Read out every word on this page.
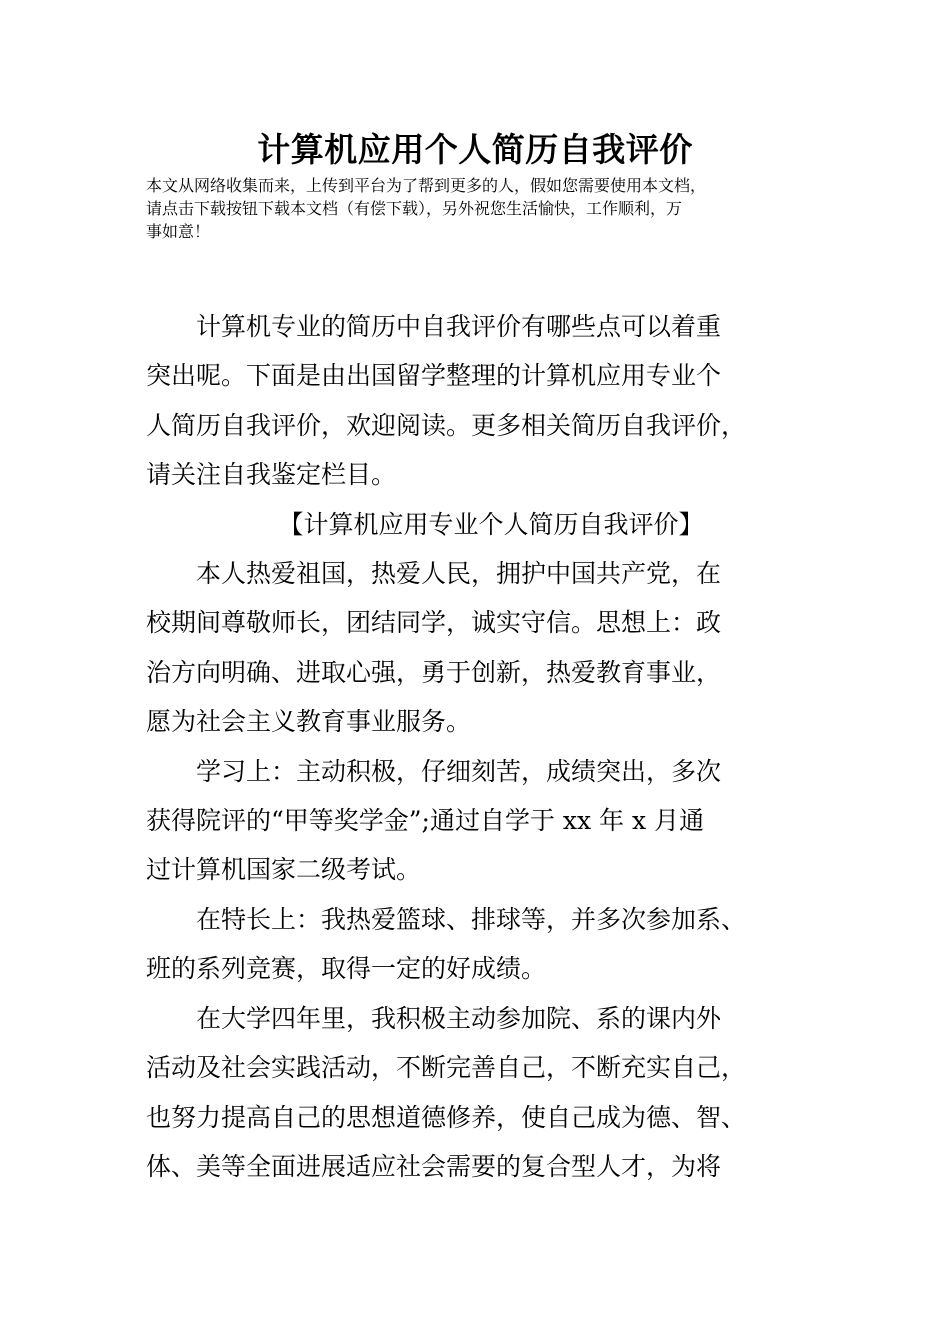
计算机应用个人简历自我评价

本文从网络收集而来，上传到平台为了帮到更多的人，假如您需要使用本文档，

请点击下载按钮下载本文档（有偿下载），另外祝您生活愉快，工作顺利，万

事如意！

　　计算机专业的简历中自我评价有哪些点可以着重

突出呢。下面是由出国留学整理的计算机应用专业个

人简历自我评价，欢迎阅读。更多相关简历自我评价，

请关注自我鉴定栏目。

【计算机应用专业个人简历自我评价】

　　本人热爱祖国，热爱人民，拥护中国共产党，在

校期间尊敬师长，团结同学，诚实守信。思想上：政

治方向明确、进取心强，勇于创新，热爱教育事业，

愿为社会主义教育事业服务。

　　学习上：主动积极，仔细刻苦，成绩突出，多次

获得院评的“甲等奖学金”;通过自学于 xx 年 x 月通

过计算机国家二级考试。

　　在特长上：我热爱篮球、排球等，并多次参加系、

班的系列竞赛，取得一定的好成绩。

　　在大学四年里，我积极主动参加院、系的课内外

活动及社会实践活动，不断完善自己，不断充实自己，

也努力提高自己的思想道德修养，使自己成为德、智、

体、美等全面进展适应社会需要的复合型人才，为将
